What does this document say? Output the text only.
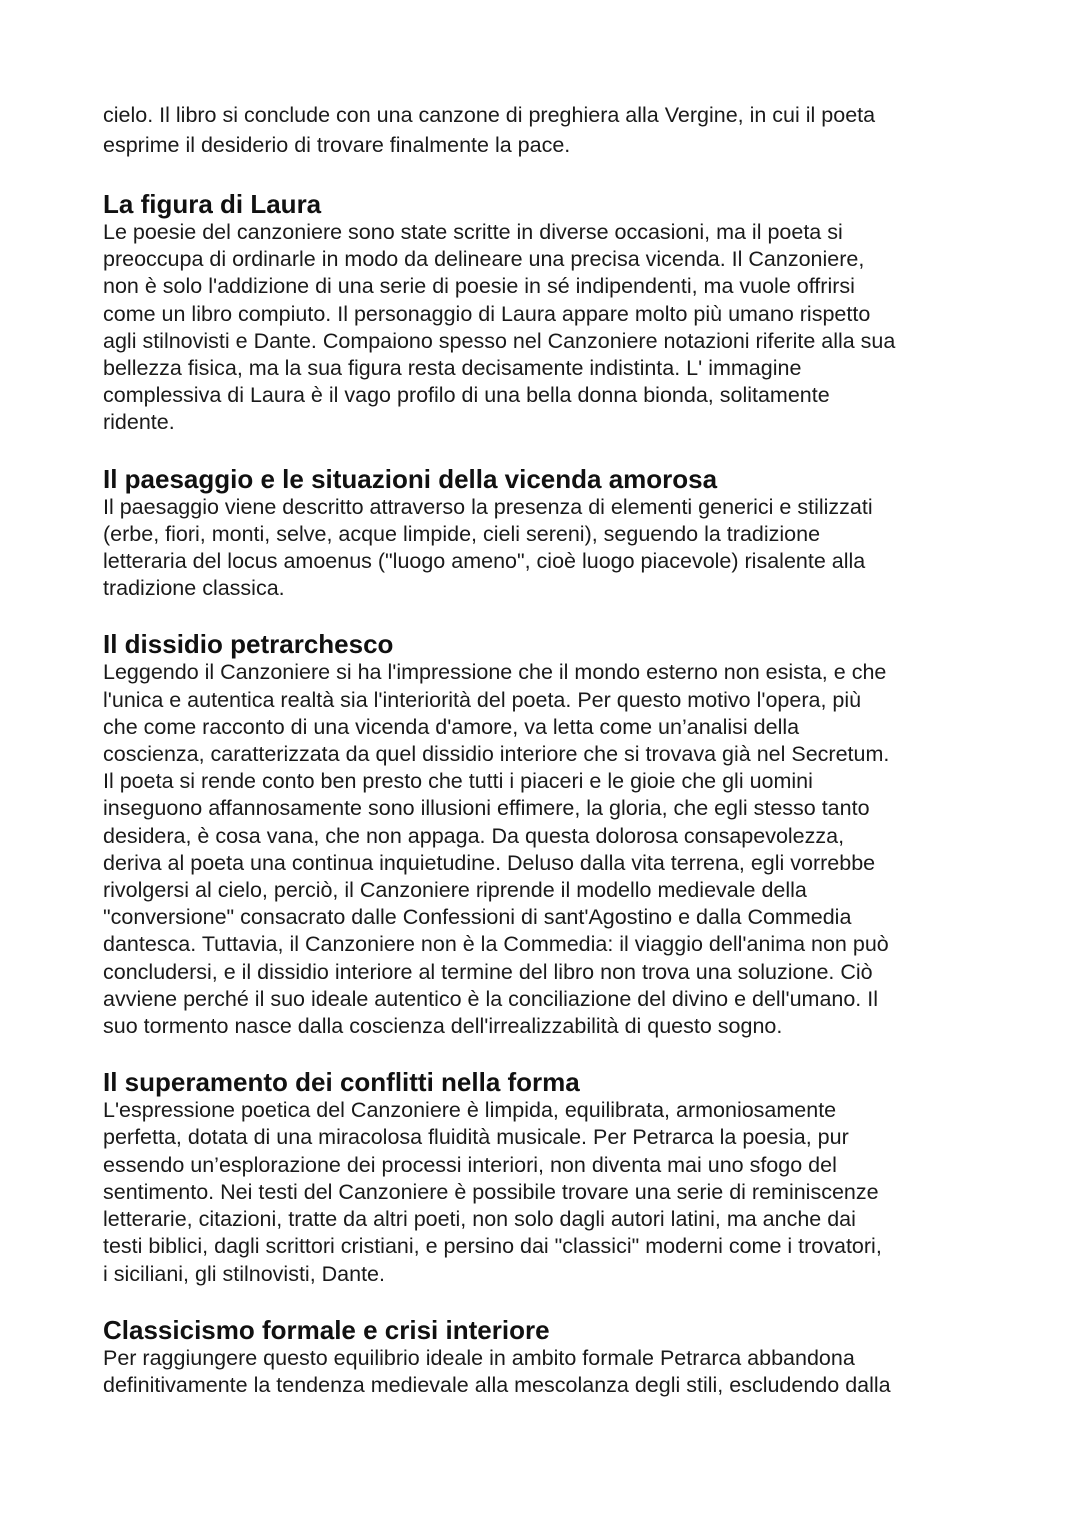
cielo. Il libro si conclude con una canzone di preghiera alla Vergine, in cui il poeta
esprime il desiderio di trovare finalmente la pace.
La figura di Laura
Le poesie del canzoniere sono state scritte in diverse occasioni, ma il poeta si
preoccupa di ordinarle in modo da delineare una precisa vicenda. Il Canzoniere,
non è solo l'addizione di una serie di poesie in sé indipendenti, ma vuole offrirsi
come un libro compiuto. Il personaggio di Laura appare molto più umano rispetto
agli stilnovisti e Dante. Compaiono spesso nel Canzoniere notazioni riferite alla sua
bellezza fisica, ma la sua figura resta decisamente indistinta. L' immagine
complessiva di Laura è il vago profilo di una bella donna bionda, solitamente
ridente.
Il paesaggio e le situazioni della vicenda amorosa
Il paesaggio viene descritto attraverso la presenza di elementi generici e stilizzati
(erbe, fiori, monti, selve, acque limpide, cieli sereni), seguendo la tradizione
letteraria del locus amoenus ("luogo ameno", cioè luogo piacevole) risalente alla
tradizione classica.
Il dissidio petrarchesco
Leggendo il Canzoniere si ha l'impressione che il mondo esterno non esista, e che
l'unica e autentica realtà sia l'interiorità del poeta. Per questo motivo l'opera, più
che come racconto di una vicenda d'amore, va letta come un’analisi della
coscienza, caratterizzata da quel dissidio interiore che si trovava già nel Secretum.
Il poeta si rende conto ben presto che tutti i piaceri e le gioie che gli uomini
inseguono affannosamente sono illusioni effimere, la gloria, che egli stesso tanto
desidera, è cosa vana, che non appaga. Da questa dolorosa consapevolezza,
deriva al poeta una continua inquietudine. Deluso dalla vita terrena, egli vorrebbe
rivolgersi al cielo, perciò, il Canzoniere riprende il modello medievale della
"conversione" consacrato dalle Confessioni di sant'Agostino e dalla Commedia
dantesca. Tuttavia, il Canzoniere non è la Commedia: il viaggio dell'anima non può
concludersi, e il dissidio interiore al termine del libro non trova una soluzione. Ciò
avviene perché il suo ideale autentico è la conciliazione del divino e dell'umano. Il
suo tormento nasce dalla coscienza dell'irrealizzabilità di questo sogno.
Il superamento dei conflitti nella forma
L'espressione poetica del Canzoniere è limpida, equilibrata, armoniosamente
perfetta, dotata di una miracolosa fluidità musicale. Per Petrarca la poesia, pur
essendo un’esplorazione dei processi interiori, non diventa mai uno sfogo del
sentimento. Nei testi del Canzoniere è possibile trovare una serie di reminiscenze
letterarie, citazioni, tratte da altri poeti, non solo dagli autori latini, ma anche dai
testi biblici, dagli scrittori cristiani, e persino dai "classici" moderni come i trovatori,
i siciliani, gli stilnovisti, Dante.
Classicismo formale e crisi interiore
Per raggiungere questo equilibrio ideale in ambito formale Petrarca abbandona
definitivamente la tendenza medievale alla mescolanza degli stili, escludendo dalla
